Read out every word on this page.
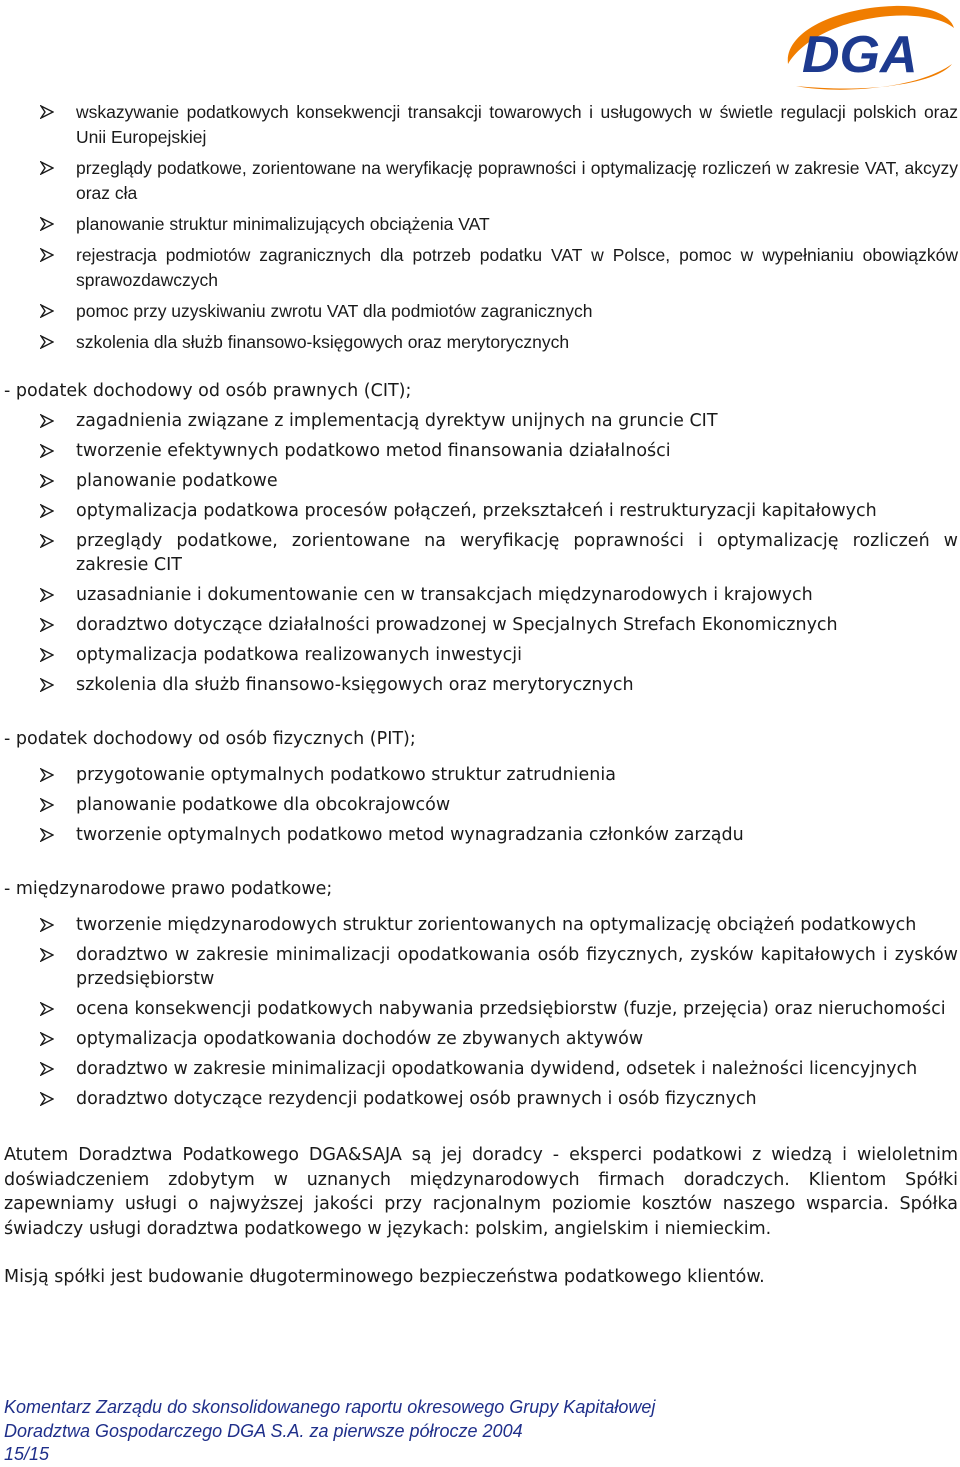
DGA
wskazywanie podatkowych konsekwencji transakcji towarowych i usługowych w świetle regulacji polskich oraz Unii Europejskiej
przeglądy podatkowe, zorientowane na weryfikację poprawności i optymalizację rozliczeń w zakresie VAT, akcyzy oraz cła
planowanie struktur minimalizujących obciążenia VAT
rejestracja podmiotów zagranicznych dla potrzeb podatku VAT w Polsce, pomoc w wypełnianiu obowiązków sprawozdawczych
pomoc przy uzyskiwaniu zwrotu VAT dla podmiotów zagranicznych
szkolenia dla służb finansowo-księgowych oraz merytorycznych

- podatek dochodowy od osób prawnych (CIT);

zagadnienia związane z implementacją dyrektyw unijnych na gruncie CIT
tworzenie efektywnych podatkowo metod finansowania działalności
planowanie podatkowe
optymalizacja podatkowa procesów połączeń, przekształceń i restrukturyzacji kapitałowych
przeglądy podatkowe, zorientowane na weryfikację poprawności i optymalizację rozliczeń w zakresie CIT
uzasadnianie i dokumentowanie cen w transakcjach międzynarodowych i krajowych
doradztwo dotyczące działalności prowadzonej w Specjalnych Strefach Ekonomicznych
optymalizacja podatkowa realizowanych inwestycji
szkolenia dla służb finansowo-księgowych oraz merytorycznych

- podatek dochodowy od osób fizycznych (PIT);

przygotowanie optymalnych podatkowo struktur zatrudnienia
planowanie podatkowe dla obcokrajowców
tworzenie optymalnych podatkowo metod wynagradzania członków zarządu

- międzynarodowe prawo podatkowe;

tworzenie międzynarodowych struktur zorientowanych na optymalizację obciążeń podatkowych
doradztwo w zakresie minimalizacji opodatkowania osób fizycznych, zysków kapitałowych i zysków przedsiębiorstw
ocena konsekwencji podatkowych nabywania przedsiębiorstw (fuzje, przejęcia) oraz nieruchomości
optymalizacja opodatkowania dochodów ze zbywanych aktywów
doradztwo w zakresie minimalizacji opodatkowania dywidend, odsetek i należności licencyjnych
doradztwo dotyczące rezydencji podatkowej osób prawnych i osób fizycznych

Atutem Doradztwa Podatkowego DGA&SAJA są jej doradcy - eksperci podatkowi z wiedzą i wieloletnim doświadczeniem zdobytym w uznanych międzynarodowych firmach doradczych. Klientom Spółki zapewniamy usługi o najwyższej jakości przy racjonalnym poziomie kosztów naszego wsparcia. Spółka świadczy usługi doradztwa podatkowego w językach: polskim, angielskim i niemieckim.

Misją spółki jest budowanie długoterminowego bezpieczeństwa podatkowego klientów.

Komentarz Zarządu do skonsolidowanego raportu okresowego Grupy Kapitałowej
Doradztwa Gospodarczego DGA S.A. za pierwsze półrocze 2004
15/15
